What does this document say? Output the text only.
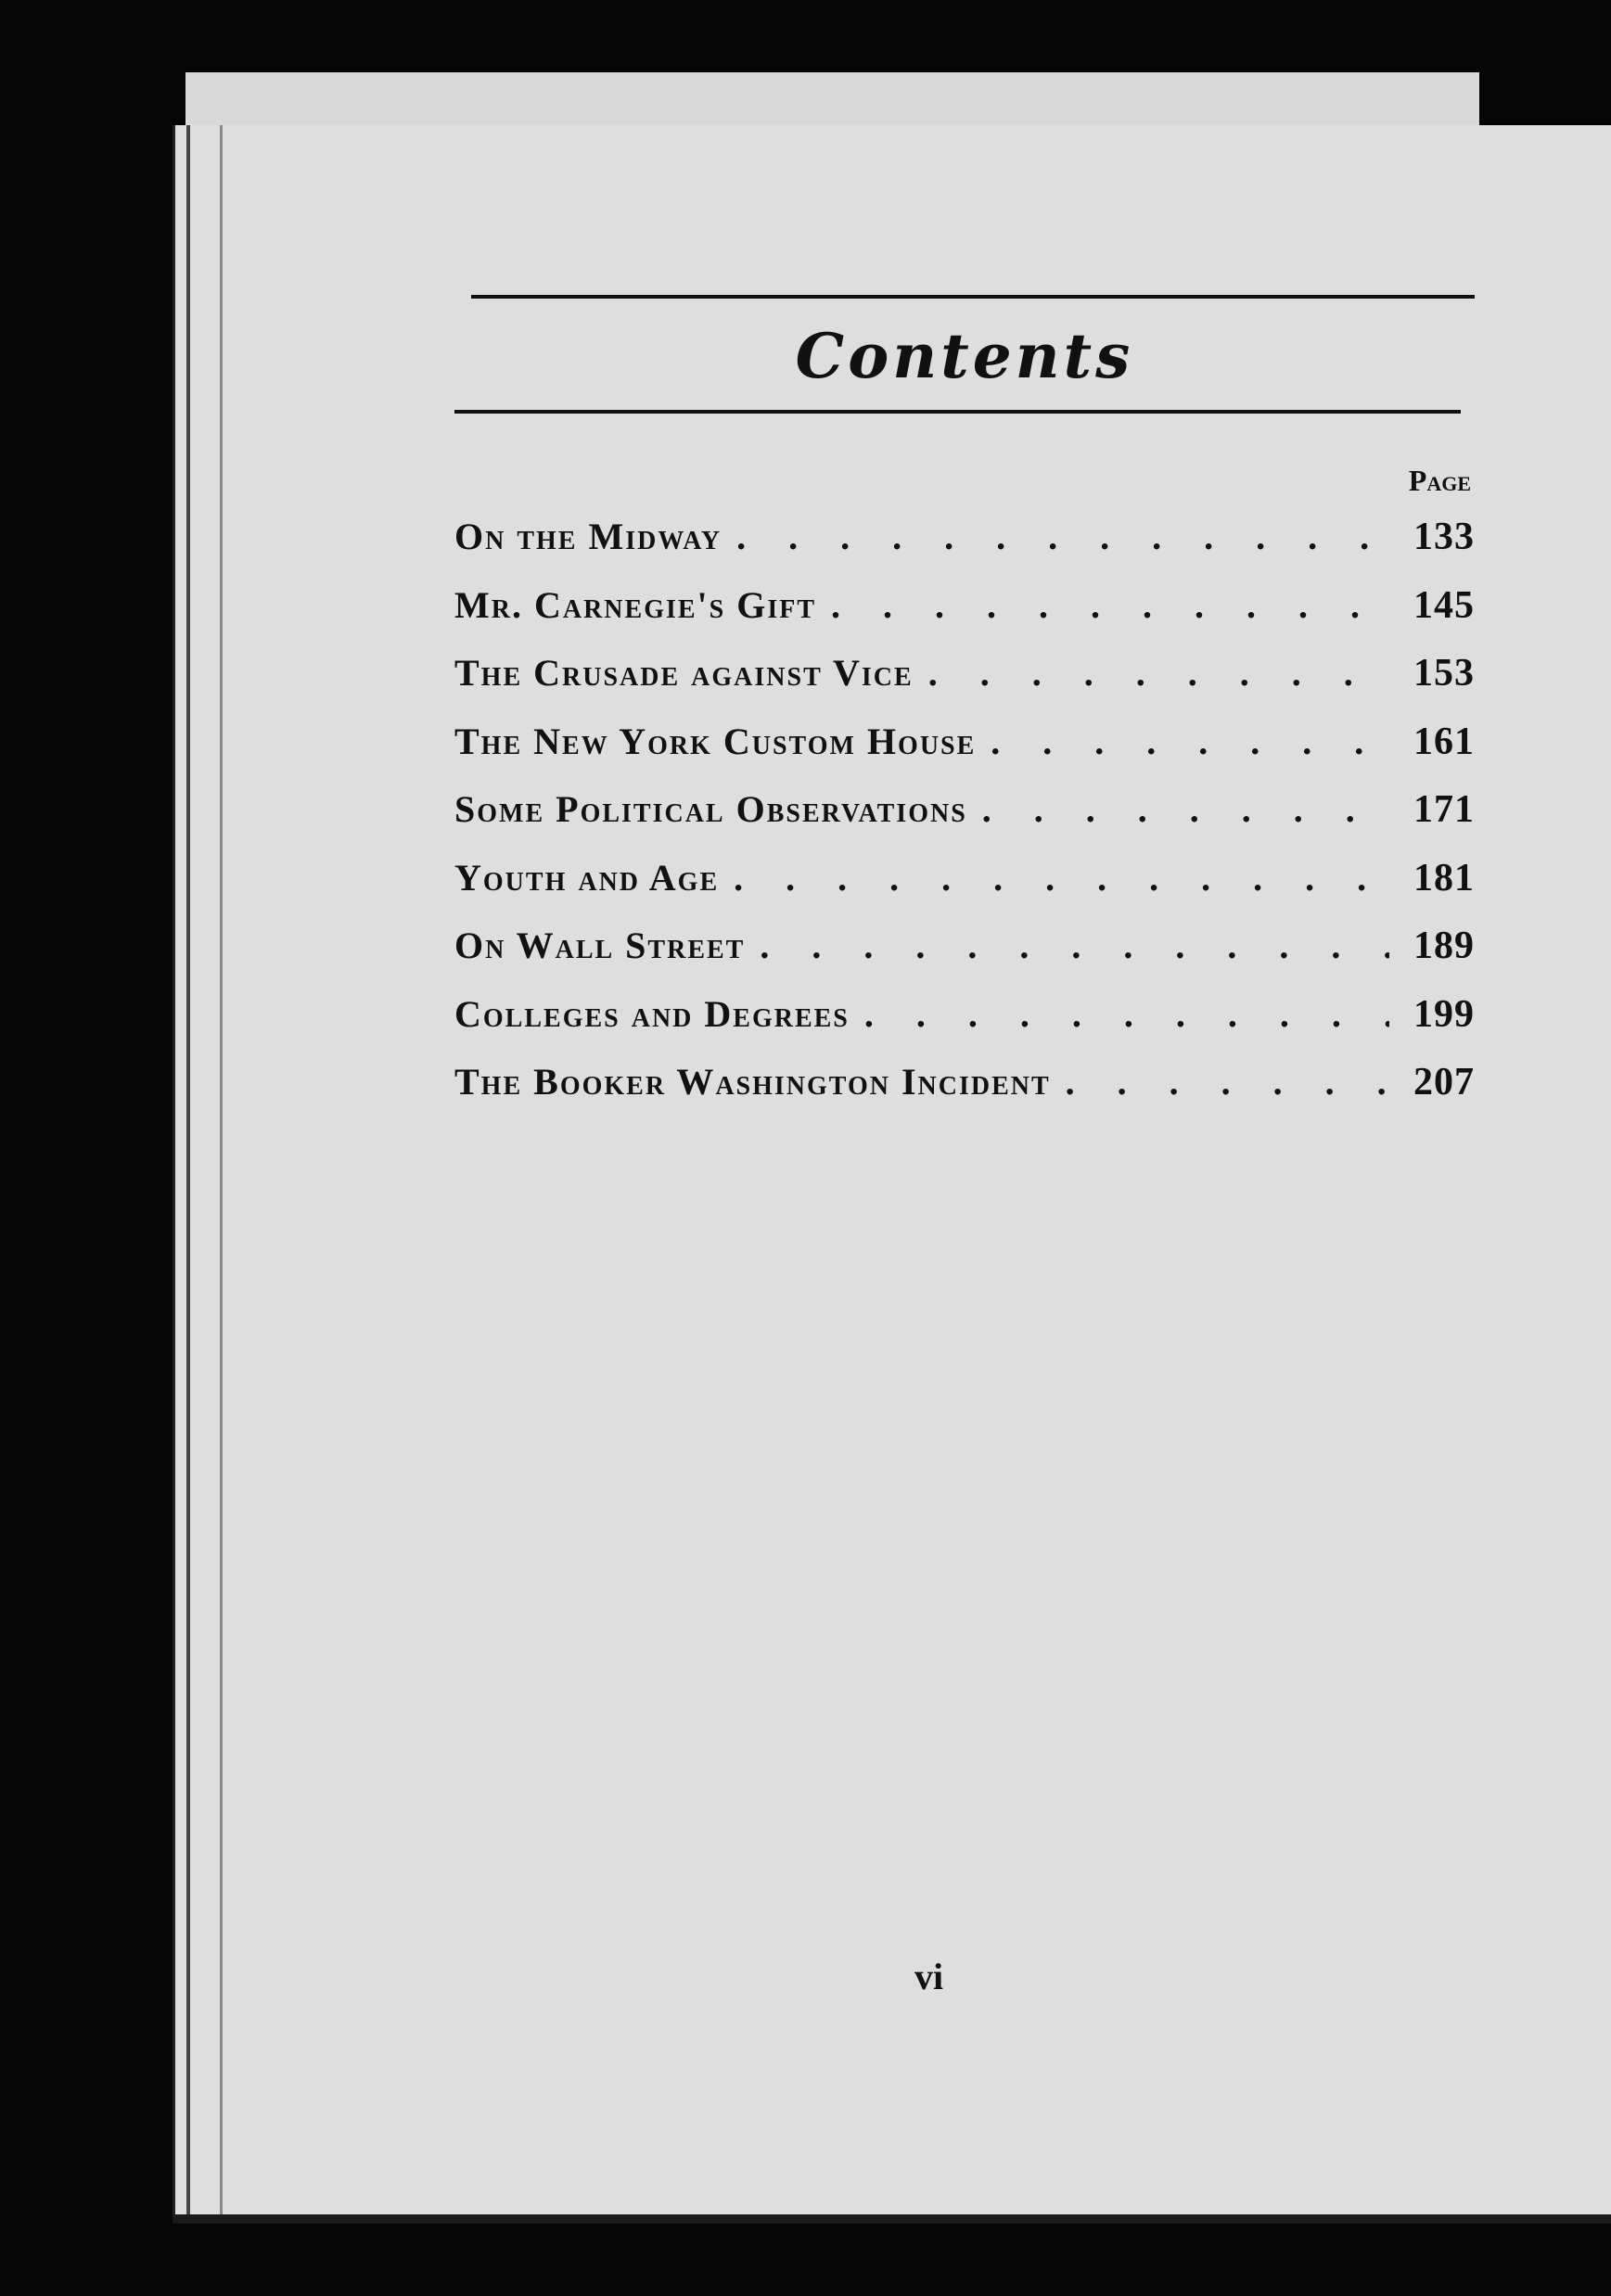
Contents
Page
On the Midway . . .	133
Mr. Carnegie's Gift . . .	145
The Crusade against Vice . . .	153
The New York Custom House . . .	161
Some Political Observations . . .	171
Youth and Age . . .	181
On Wall Street . . .	189
Colleges and Degrees . . .	199
The Booker Washington Incident . . .	207
vi
